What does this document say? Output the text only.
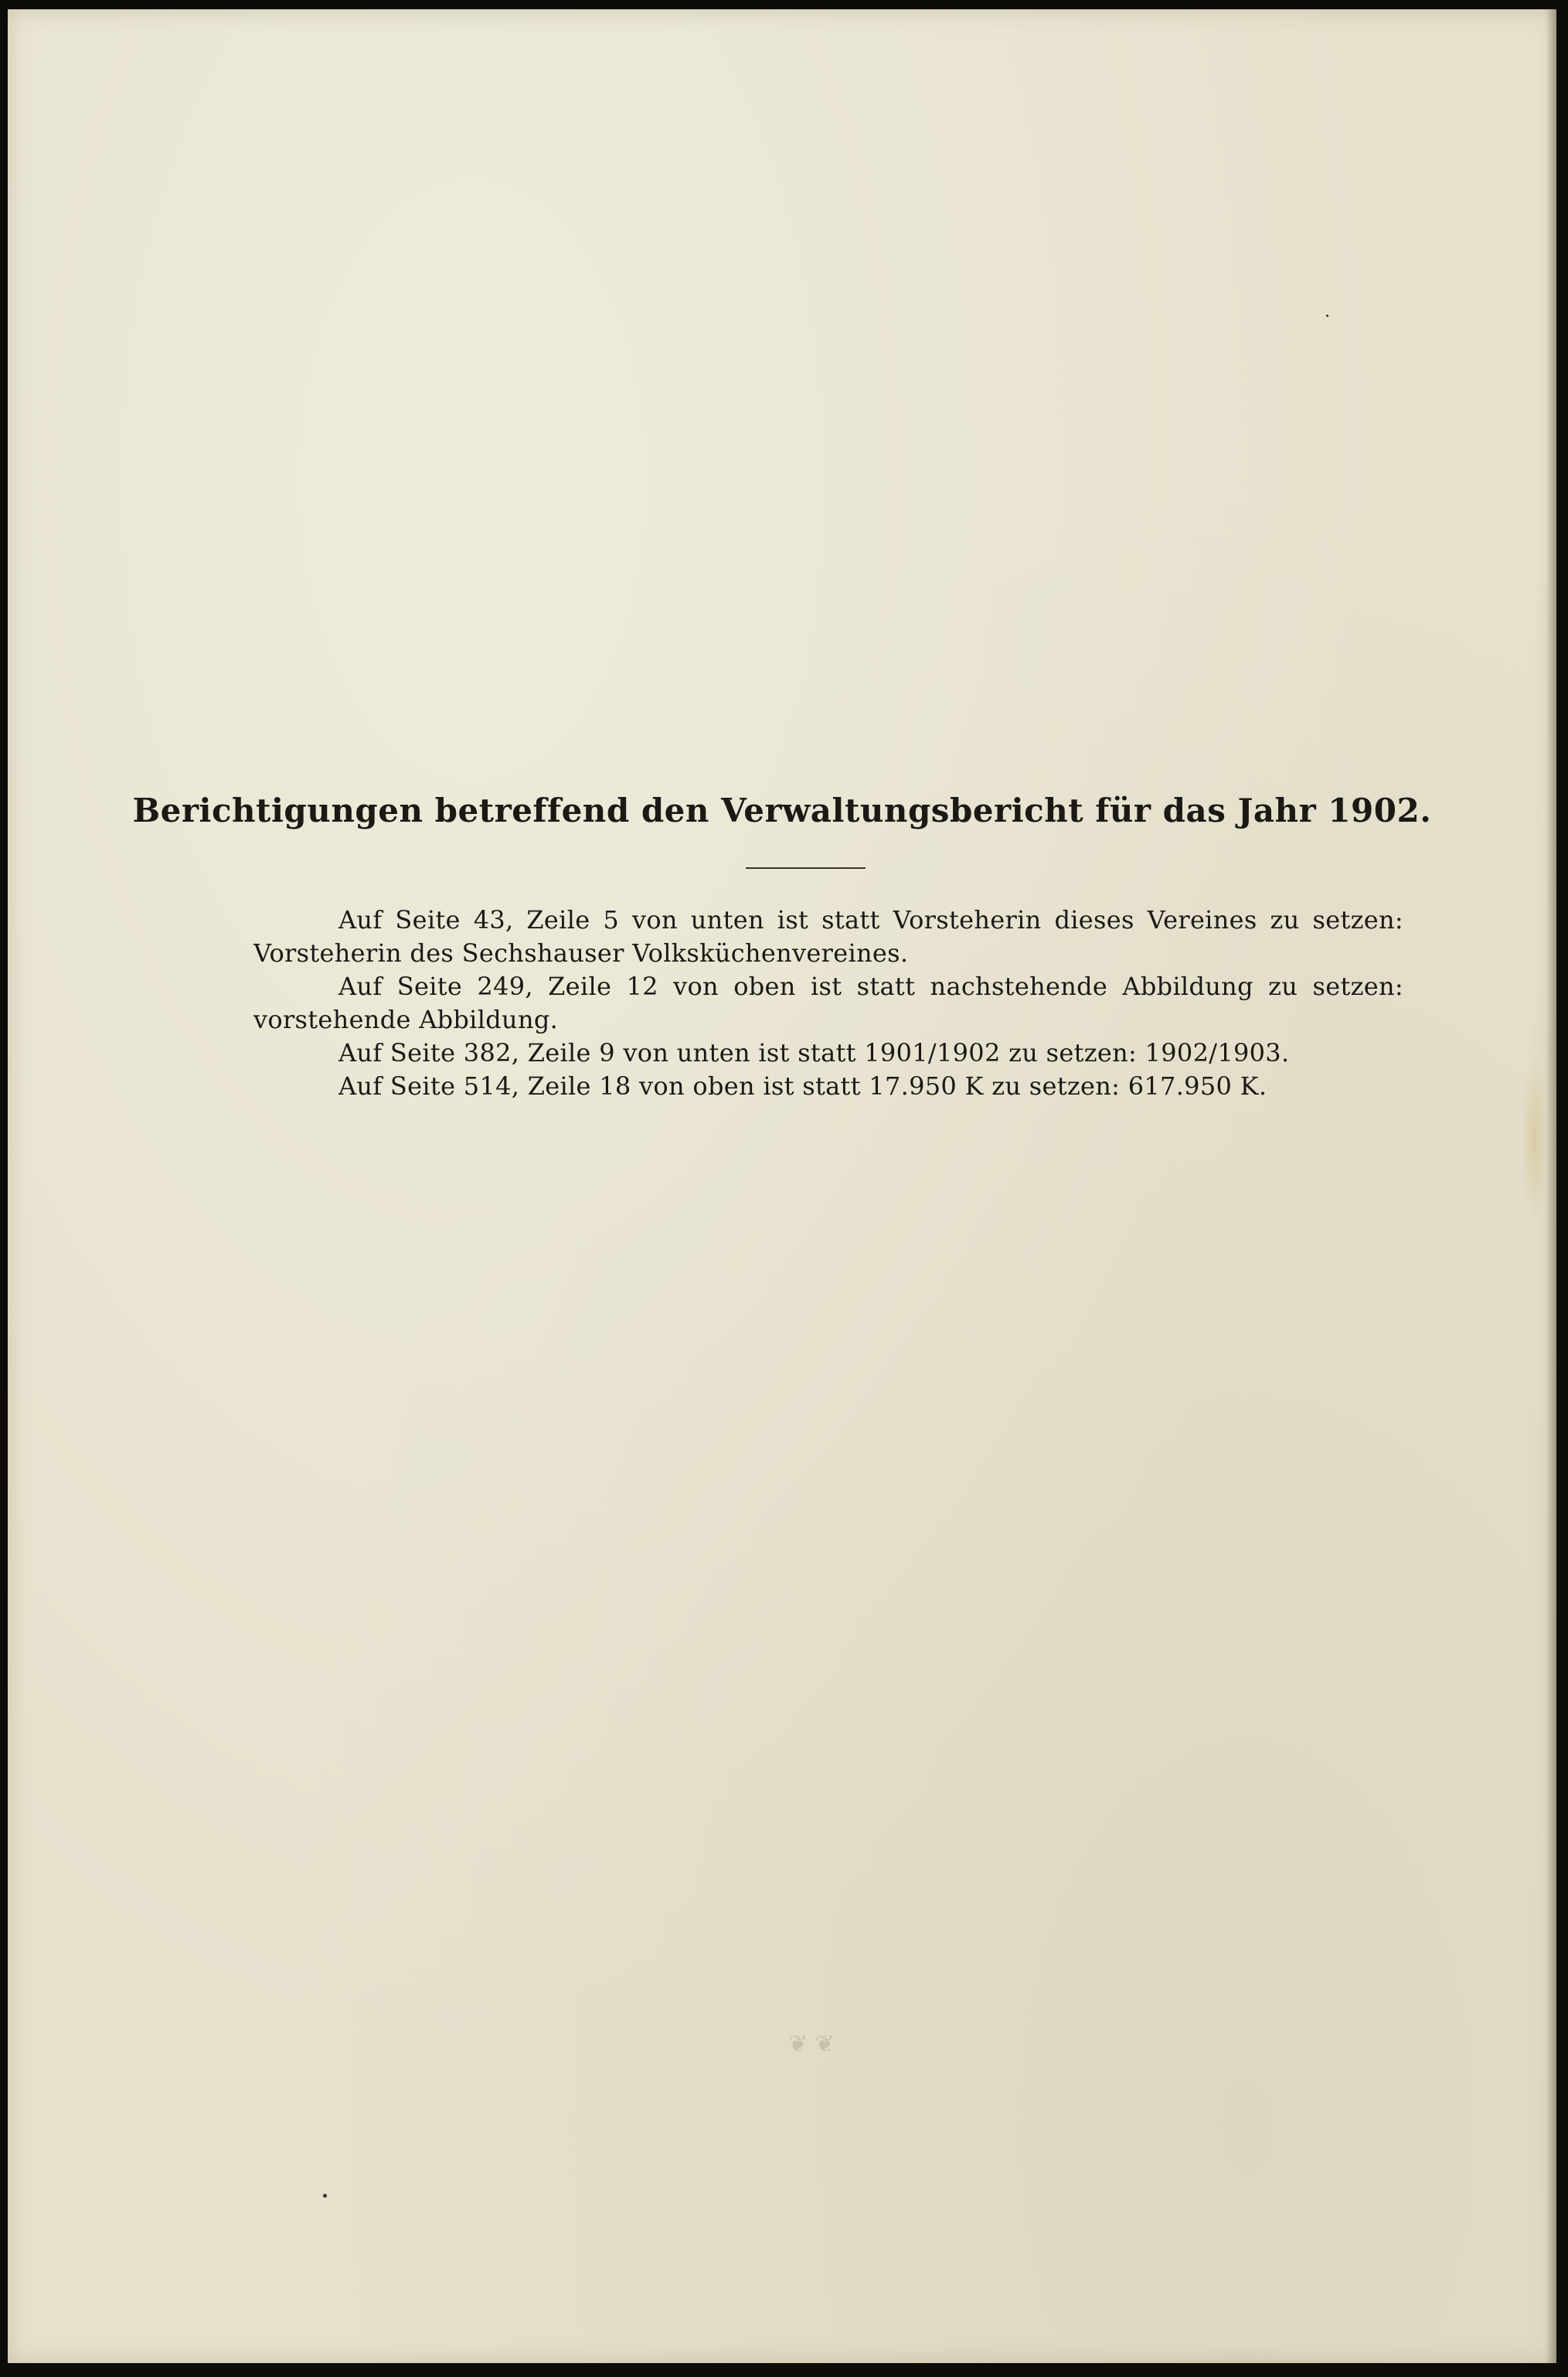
Berichtigungen betreffend den Verwaltungsbericht für das Jahr 1902.

Auf Seite 43, Zeile 5 von unten ist statt Vorsteherin dieses Vereines zu setzen: Vorsteherin des Sechshauser Volksküchenvereines.

Auf Seite 249, Zeile 12 von oben ist statt nachstehende Abbildung zu setzen: vorstehende Abbildung.

Auf Seite 382, Zeile 9 von unten ist statt 1901/1902 zu setzen: 1902/1903.

Auf Seite 514, Zeile 18 von oben ist statt 17.950 K zu setzen: 617.950 K.

❦ ❦
